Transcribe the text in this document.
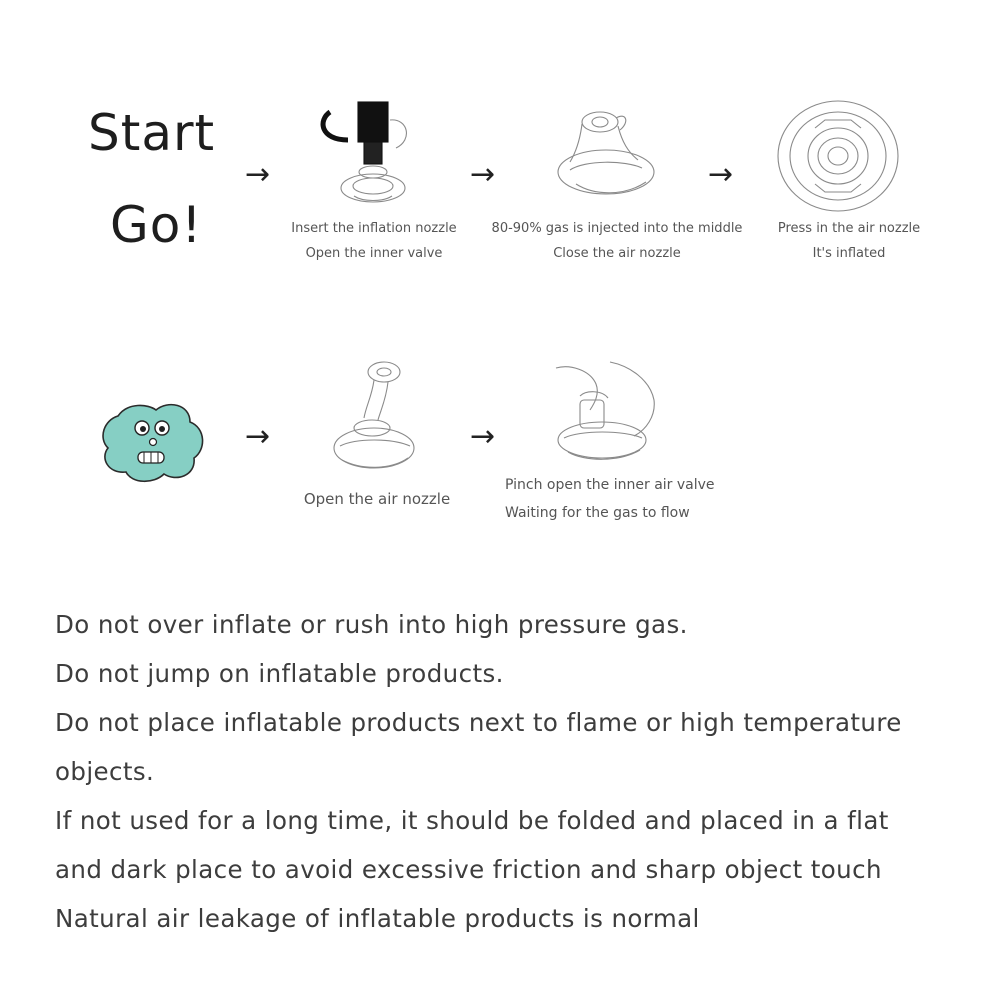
Start
Go!
→	→	→
Insert the inflation nozzle
Open the inner valve
80-90% gas is injected into the middle
Close the air nozzle
Press in the air nozzle
It's inflated
→	→
Open the air nozzle
Pinch open the inner air valve
Waiting for the gas to flow
Do not over inflate or rush into high pressure gas.
Do not jump on inflatable products.
Do not place inflatable products next to flame or high temperature
objects.
If not used for a long time, it should be folded and placed in a flat
and dark place to avoid excessive friction and sharp object touch
Natural air leakage of inflatable products is normal
